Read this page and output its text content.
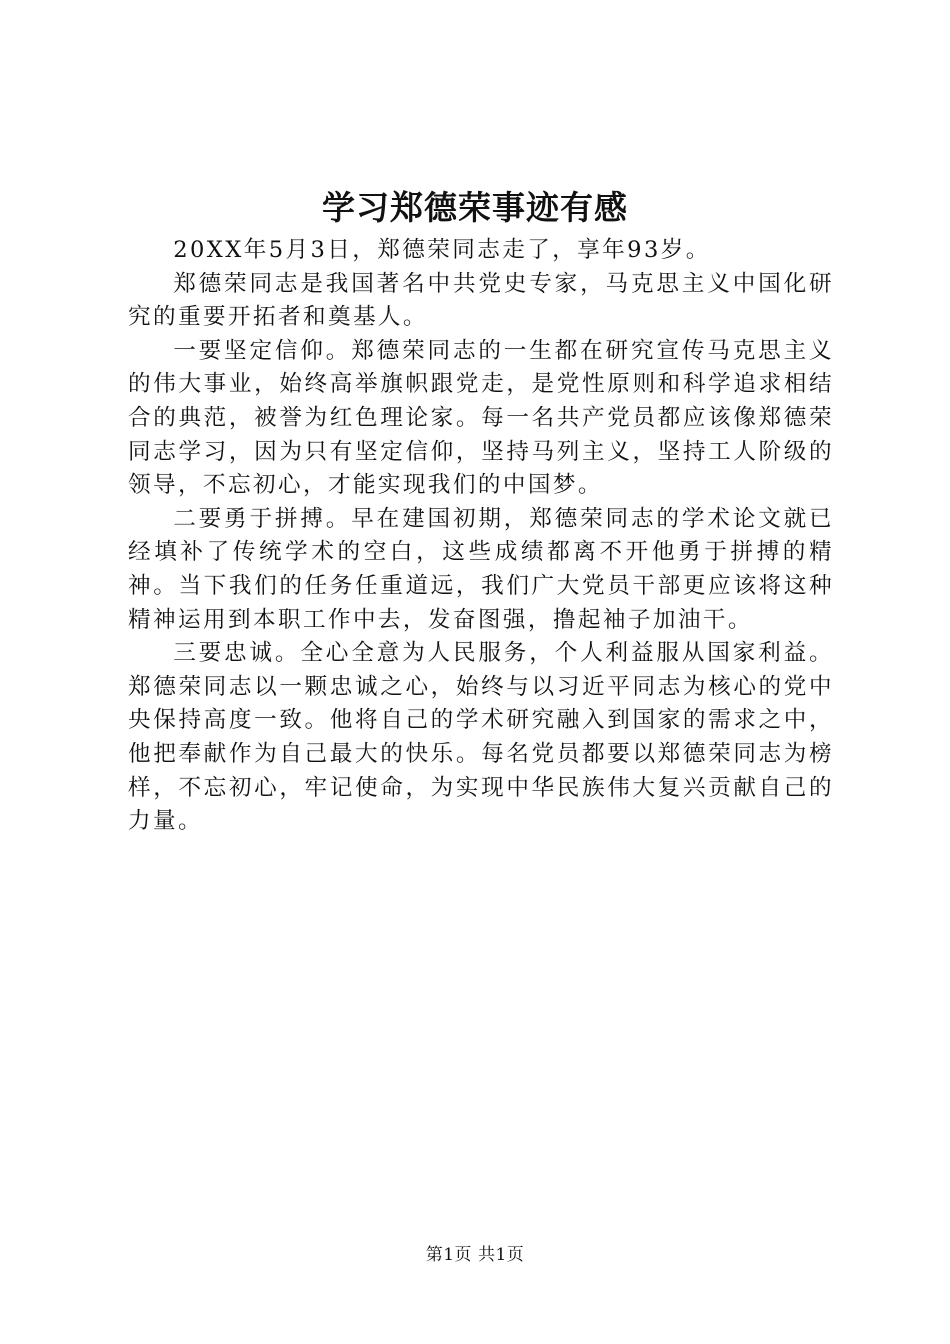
学习郑德荣事迹有感

20XX年5月3日，郑德荣同志走了，享年93岁。

郑德荣同志是我国著名中共党史专家，马克思主义中国化研究的重要开拓者和奠基人。

一要坚定信仰。郑德荣同志的一生都在研究宣传马克思主义的伟大事业，始终高举旗帜跟党走，是党性原则和科学追求相结合的典范，被誉为红色理论家。每一名共产党员都应该像郑德荣同志学习，因为只有坚定信仰，坚持马列主义，坚持工人阶级的领导，不忘初心，才能实现我们的中国梦。

二要勇于拼搏。早在建国初期，郑德荣同志的学术论文就已经填补了传统学术的空白，这些成绩都离不开他勇于拼搏的精神。当下我们的任务任重道远，我们广大党员干部更应该将这种精神运用到本职工作中去，发奋图强，撸起袖子加油干。

三要忠诚。全心全意为人民服务，个人利益服从国家利益。郑德荣同志以一颗忠诚之心，始终与以习近平同志为核心的党中央保持高度一致。他将自己的学术研究融入到国家的需求之中，他把奉献作为自己最大的快乐。每名党员都要以郑德荣同志为榜样，不忘初心，牢记使命，为实现中华民族伟大复兴贡献自己的力量。

第1页 共1页
